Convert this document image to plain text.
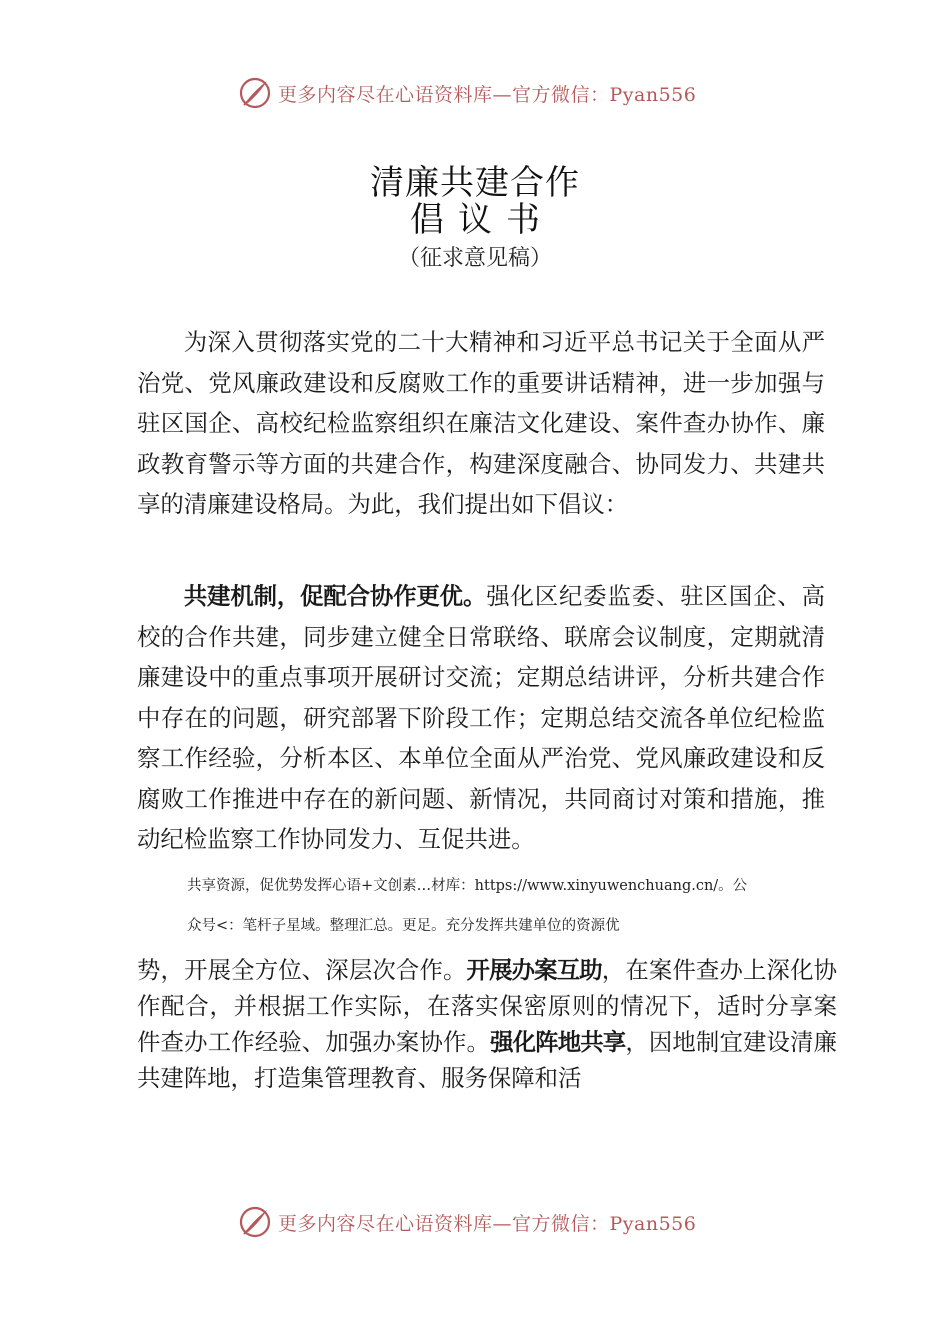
更多内容尽在心语资料库—官方微信：Pyan556
清廉共建合作
倡议书
（征求意见稿）

为深入贯彻落实党的二十大精神和习近平总书记关于全面从严治党、党风廉政建设和反腐败工作的重要讲话精神，进一步加强与驻区国企、高校纪检监察组织在廉洁文化建设、案件查办协作、廉政教育警示等方面的共建合作，构建深度融合、协同发力、共建共享的清廉建设格局。为此，我们提出如下倡议：

共建机制，促配合协作更优。强化区纪委监委、驻区国企、高校的合作共建，同步建立健全日常联络、联席会议制度，定期就清廉建设中的重点事项开展研讨交流；定期总结讲评，分析共建合作中存在的问题，研究部署下阶段工作；定期总结交流各单位纪检监察工作经验，分析本区、本单位全面从严治党、党风廉政建设和反腐败工作推进中存在的新问题、新情况，共同商讨对策和措施，推动纪检监察工作协同发力、互促共进。

共享资源，促优势发挥心语+文创素…材库：https://www.xinyuwenchuang.cn/。公
众号<：笔杆子星域。整理汇总。更足。充分发挥共建单位的资源优

势，开展全方位、深层次合作。开展办案互助，在案件查办上深化协作配合，并根据工作实际，在落实保密原则的情况下，适时分享案件查办工作经验、加强办案协作。强化阵地共享，因地制宜建设清廉共建阵地，打造集管理教育、服务保障和活

更多内容尽在心语资料库—官方微信：Pyan556
